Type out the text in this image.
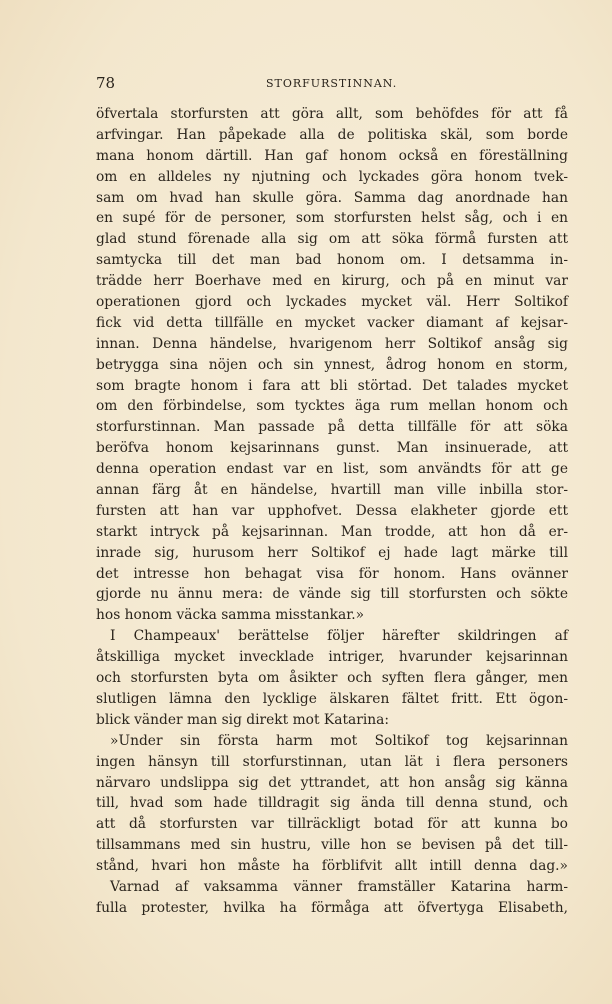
78	STORFURSTINNAN.
öfvertala storfursten att göra allt, som behöfdes för att få
arfvingar. Han påpekade alla de politiska skäl, som borde
mana honom därtill. Han gaf honom också en föreställning
om en alldeles ny njutning och lyckades göra honom tvek-
sam om hvad han skulle göra. Samma dag anordnade han
en supé för de personer, som storfursten helst såg, och i en
glad stund förenade alla sig om att söka förmå fursten att
samtycka till det man bad honom om. I detsamma in-
trädde herr Boerhave med en kirurg, och på en minut var
operationen gjord och lyckades mycket väl. Herr Soltikof
fick vid detta tillfälle en mycket vacker diamant af kejsar-
innan. Denna händelse, hvarigenom herr Soltikof ansåg sig
betrygga sina nöjen och sin ynnest, ådrog honom en storm,
som bragte honom i fara att bli störtad. Det talades mycket
om den förbindelse, som tycktes äga rum mellan honom och
storfurstinnan. Man passade på detta tillfälle för att söka
beröfva honom kejsarinnans gunst. Man insinuerade, att
denna operation endast var en list, som användts för att ge
annan färg åt en händelse, hvartill man ville inbilla stor-
fursten att han var upphofvet. Dessa elakheter gjorde ett
starkt intryck på kejsarinnan. Man trodde, att hon då er-
inrade sig, hurusom herr Soltikof ej hade lagt märke till
det intresse hon behagat visa för honom. Hans ovänner
gjorde nu ännu mera: de vände sig till storfursten och sökte
hos honom väcka samma misstankar.»
I Champeaux' berättelse följer härefter skildringen af
åtskilliga mycket invecklade intriger, hvarunder kejsarinnan
och storfursten byta om åsikter och syften flera gånger, men
slutligen lämna den lycklige älskaren fältet fritt. Ett ögon-
blick vänder man sig direkt mot Katarina:
»Under sin första harm mot Soltikof tog kejsarinnan
ingen hänsyn till storfurstinnan, utan lät i flera personers
närvaro undslippa sig det yttrandet, att hon ansåg sig känna
till, hvad som hade tilldragit sig ända till denna stund, och
att då storfursten var tillräckligt botad för att kunna bo
tillsammans med sin hustru, ville hon se bevisen på det till-
stånd, hvari hon måste ha förblifvit allt intill denna dag.»
Varnad af vaksamma vänner framställer Katarina harm-
fulla protester, hvilka ha förmåga att öfvertyga Elisabeth,
